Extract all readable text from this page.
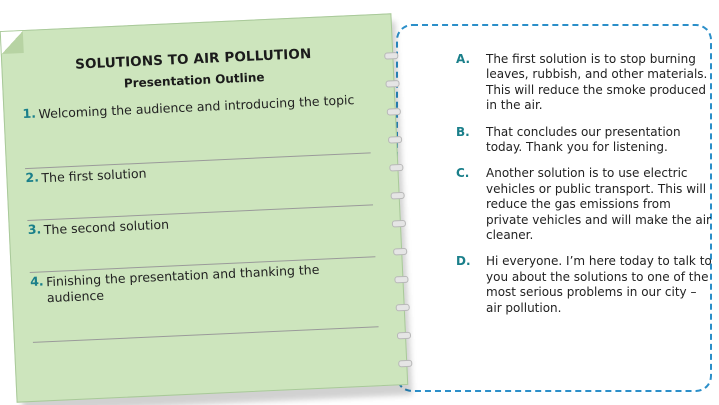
SOLUTIONS TO AIR POLLUTION
Presentation Outline
1. Welcoming the audience and introducing the topic
2. The first solution
3. The second solution
4. Finishing the presentation and thanking the audience
A. The first solution is to stop burning leaves, rubbish, and other materials. This will reduce the smoke produced in the air.
B. That concludes our presentation today. Thank you for listening.
C. Another solution is to use electric vehicles or public transport. This will reduce the gas emissions from private vehicles and will make the air cleaner.
D. Hi everyone. I’m here today to talk to you about the solutions to one of the most serious problems in our city – air pollution.
